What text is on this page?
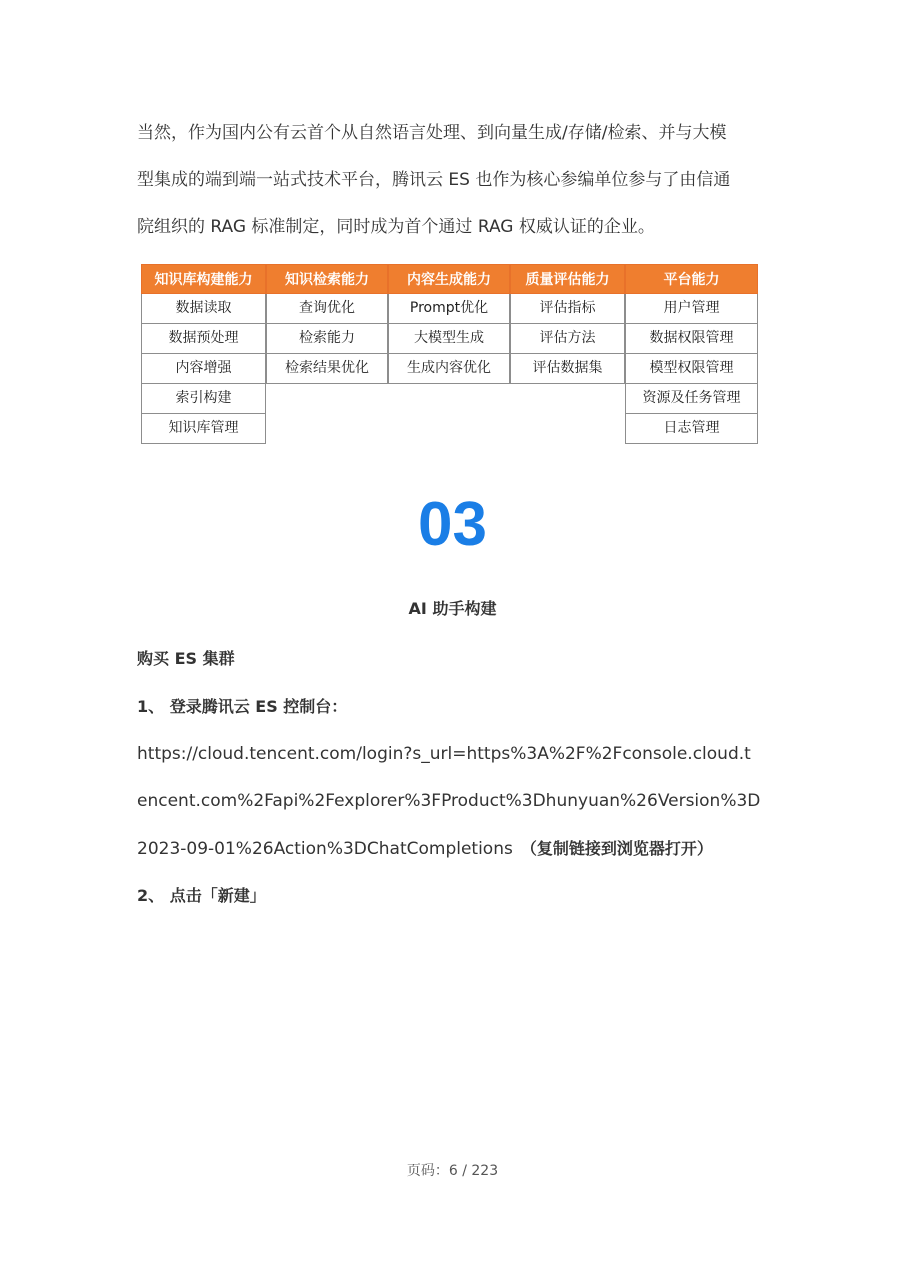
当然，作为国内公有云首个从自然语言处理、到向量生成/存储/检索、并与大模
型集成的端到端一站式技术平台，腾讯云 ES 也作为核心参编单位参与了由信通
院组织的 RAG 标准制定，同时成为首个通过 RAG 权威认证的企业。
知识库构建能力
数据读取
数据预处理
内容增强
索引构建
知识库管理
知识检索能力
查询优化
检索能力
检索结果优化
内容生成能力
Prompt优化
大模型生成
生成内容优化
质量评估能力
评估指标
评估方法
评估数据集
平台能力
用户管理
数据权限管理
模型权限管理
资源及任务管理
日志管理
03
AI 助手构建
购买 ES 集群
1、 登录腾讯云 ES 控制台：
https://cloud.tencent.com/login?s_url=https%3A%2F%2Fconsole.cloud.t
encent.com%2Fapi%2Fexplorer%3FProduct%3Dhunyuan%26Version%3D
2023-09-01%26Action%3DChatCompletions （复制链接到浏览器打开）
2、 点击「新建」
页码：6 / 223
